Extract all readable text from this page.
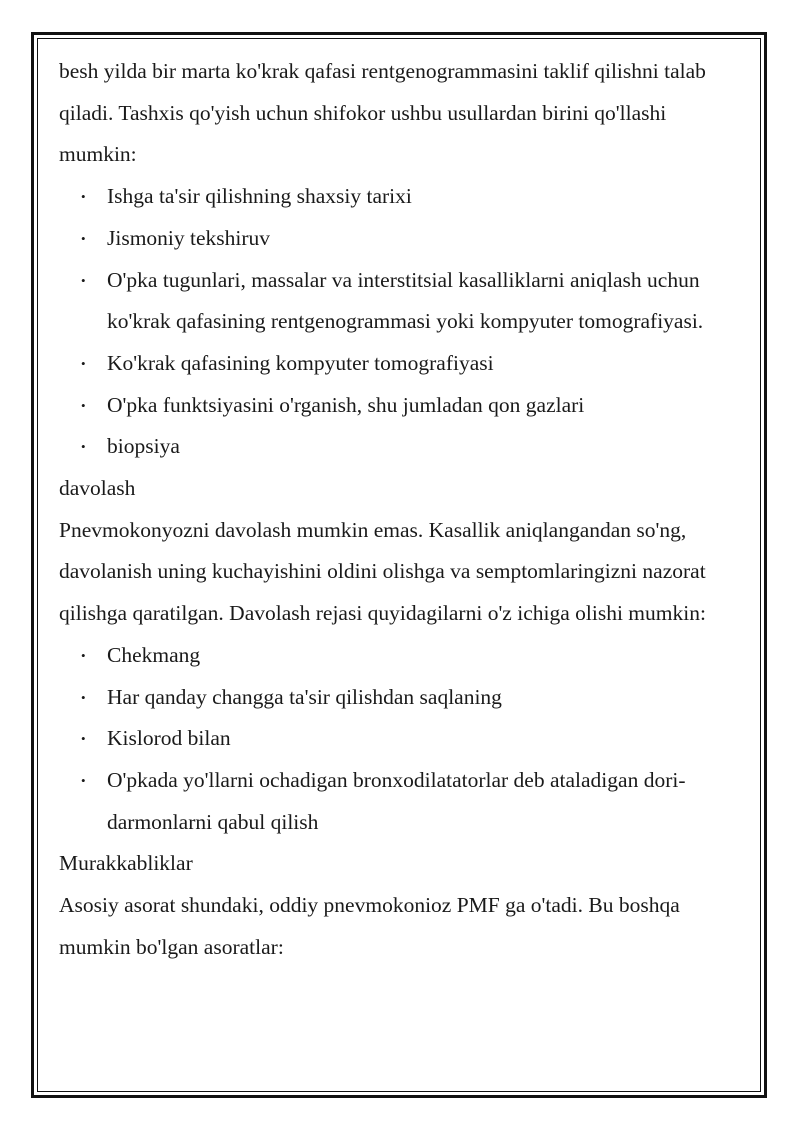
besh yilda bir marta ko'krak qafasi rentgenogrammasini taklif qilishni talab qiladi. Tashxis qo'yish uchun shifokor ushbu usullardan birini qo'llashi mumkin:

• Ishga ta'sir qilishning shaxsiy tarixi
• Jismoniy tekshiruv
• O'pka tugunlari, massalar va interstitsial kasalliklarni aniqlash uchun ko'krak qafasining rentgenogrammasi yoki kompyuter tomografiyasi.
• Ko'krak qafasining kompyuter tomografiyasi
• O'pka funktsiyasini o'rganish, shu jumladan qon gazlari
• biopsiya

davolash

Pnevmokonyozni davolash mumkin emas. Kasallik aniqlangandan so'ng, davolanish uning kuchayishini oldini olishga va semptomlaringizni nazorat qilishga qaratilgan. Davolash rejasi quyidagilarni o'z ichiga olishi mumkin:

• Chekmang
• Har qanday changga ta'sir qilishdan saqlaning
• Kislorod bilan
• O'pkada yo'llarni ochadigan bronxodilatatorlar deb ataladigan dori-darmonlarni qabul qilish

Murakkabliklar

Asosiy asorat shundaki, oddiy pnevmokonioz PMF ga o'tadi. Bu boshqa mumkin bo'lgan asoratlar:
